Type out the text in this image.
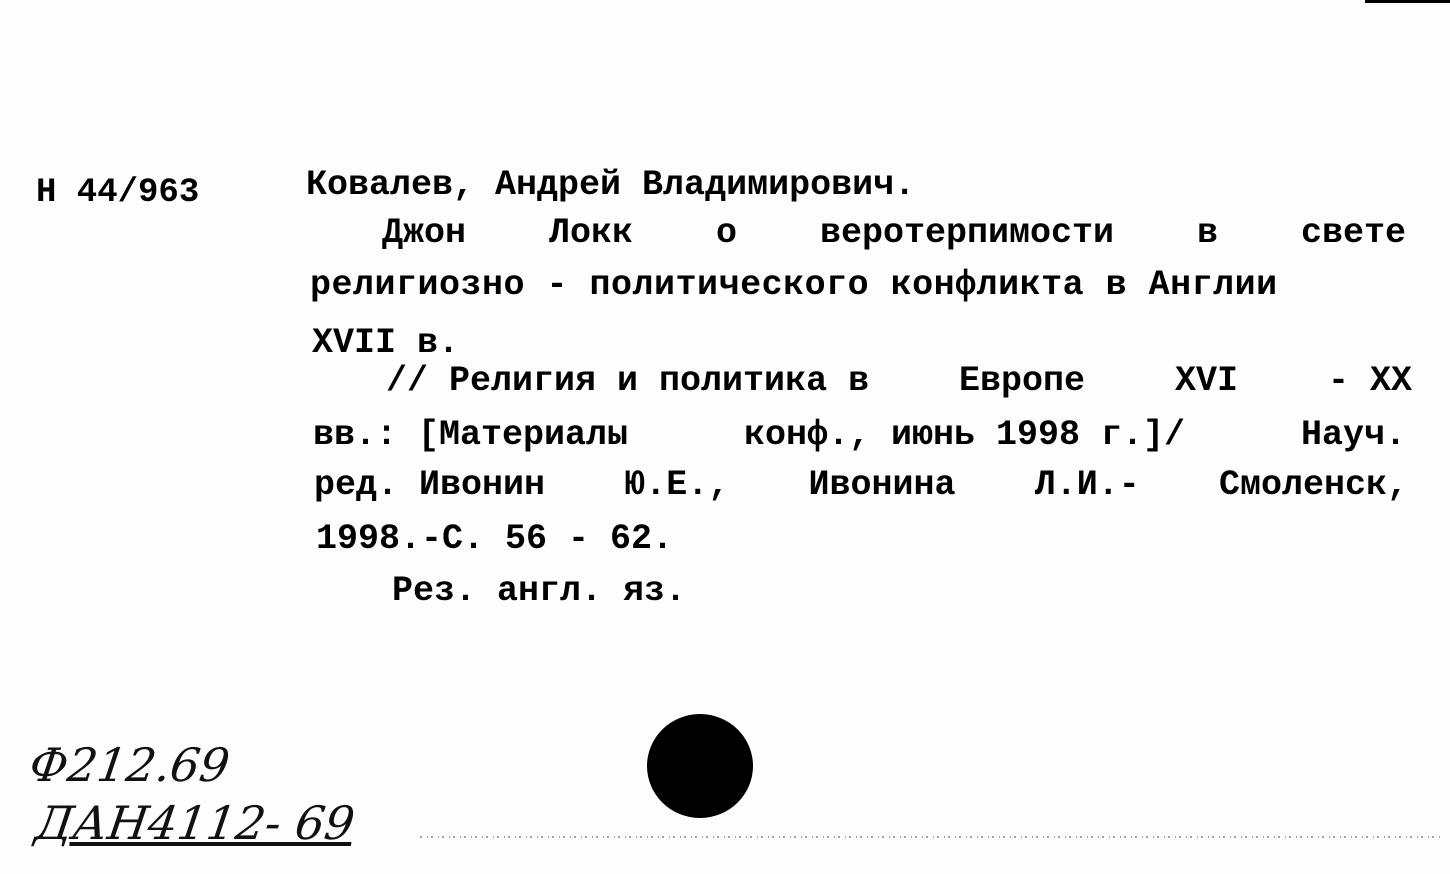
Н 44/963	Ковалев, Андрей Владимирович.
Джон Локк о веротерпимости в свете
религиозно - политического конфликта в Англии
XVII в.
// Религия и политика в	Европе	XVI	- XX
вв.: [Материалы	конф., июнь 1998 г.]/	Науч.
ред. Ивонин Ю.Е., Ивонина Л.И.- Смоленск,
1998.-С. 56 - 62.
Рез. англ. яз.
Ф212.69
ДАН4112- 69
